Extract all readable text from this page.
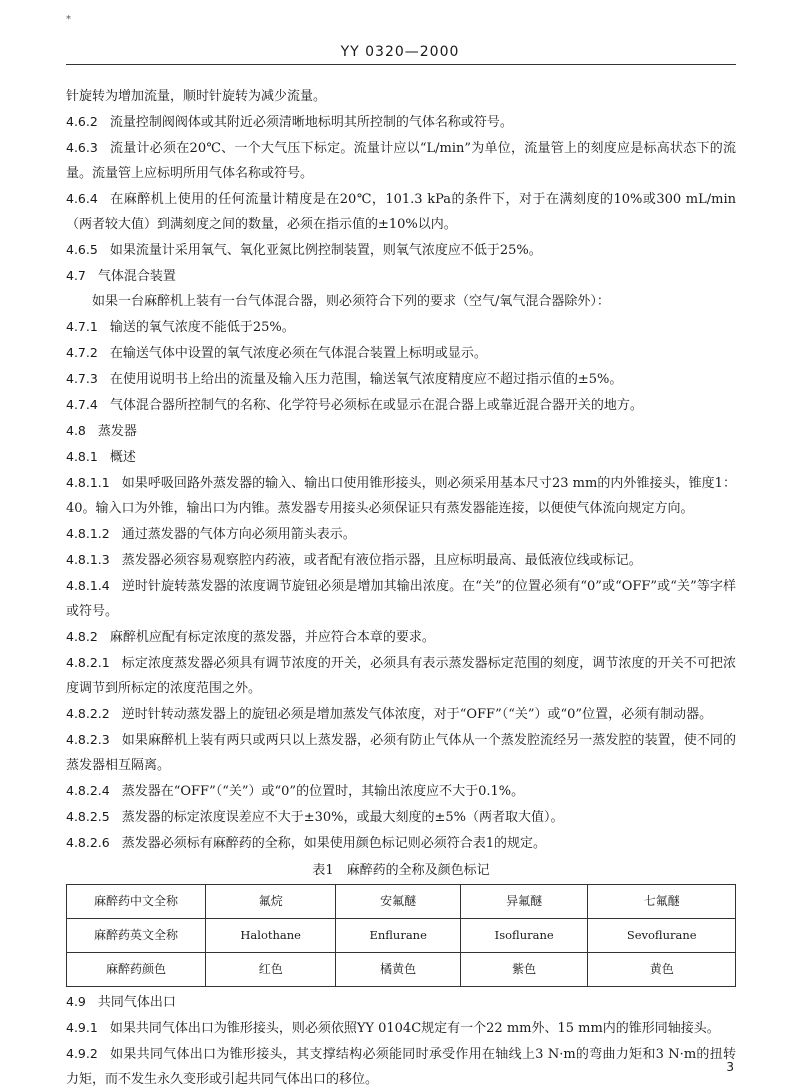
*
YY 0320—2000

针旋转为增加流量，顺时针旋转为减少流量。

4.6.2 流量控制阀阀体或其附近必须清晰地标明其所控制的气体名称或符号。

4.6.3 流量计必须在20℃、一个大气压下标定。流量计应以“L/min”为单位，流量管上的刻度应是标高状态下的流量。流量管上应标明所用气体名称或符号。

4.6.4 在麻醉机上使用的任何流量计精度是在20℃，101.3 kPa的条件下，对于在满刻度的10%或300 mL/min（两者较大值）到满刻度之间的数量，必须在指示值的±10%以内。

4.6.5 如果流量计采用氧气、氧化亚氮比例控制装置，则氧气浓度应不低于25%。

4.7 气体混合装置

如果一台麻醉机上装有一台气体混合器，则必须符合下列的要求（空气/氧气混合器除外）：

4.7.1 输送的氧气浓度不能低于25%。

4.7.2 在输送气体中设置的氧气浓度必须在气体混合装置上标明或显示。

4.7.3 在使用说明书上给出的流量及输入压力范围，输送氧气浓度精度应不超过指示值的±5%。

4.7.4 气体混合器所控制气的名称、化学符号必须标在或显示在混合器上或靠近混合器开关的地方。

4.8 蒸发器

4.8.1 概述

4.8.1.1 如果呼吸回路外蒸发器的输入、输出口使用锥形接头，则必须采用基本尺寸23 mm的内外锥接头，锥度1：40。输入口为外锥，输出口为内锥。蒸发器专用接头必须保证只有蒸发器能连接，以便使气体流向规定方向。

4.8.1.2 通过蒸发器的气体方向必须用箭头表示。

4.8.1.3 蒸发器必须容易观察腔内药液，或者配有液位指示器，且应标明最高、最低液位线或标记。

4.8.1.4 逆时针旋转蒸发器的浓度调节旋钮必须是增加其输出浓度。在“关”的位置必须有“0”或“OFF”或“关”等字样或符号。

4.8.2 麻醉机应配有标定浓度的蒸发器，并应符合本章的要求。

4.8.2.1 标定浓度蒸发器必须具有调节浓度的开关，必须具有表示蒸发器标定范围的刻度，调节浓度的开关不可把浓度调节到所标定的浓度范围之外。

4.8.2.2 逆时针转动蒸发器上的旋钮必须是增加蒸发气体浓度，对于“OFF”（“关”）或“0”位置，必须有制动器。

4.8.2.3 如果麻醉机上装有两只或两只以上蒸发器，必须有防止气体从一个蒸发腔流经另一蒸发腔的装置，使不同的蒸发器相互隔离。

4.8.2.4 蒸发器在“OFF”（“关”）或“0”的位置时，其输出浓度应不大于0.1%。

4.8.2.5 蒸发器的标定浓度误差应不大于±30%，或最大刻度的±5%（两者取大值）。

4.8.2.6 蒸发器必须标有麻醉药的全称，如果使用颜色标记则必须符合表1的规定。

表1　麻醉药的全称及颜色标记
麻醉药中文全称	氟烷	安氟醚	异氟醚	七氟醚
麻醉药英文全称	Halothane	Enflurane	Isoflurane	Sevoflurane
麻醉药颜色	红色	橘黄色	紫色	黄色

4.9 共同气体出口

4.9.1 如果共同气体出口为锥形接头，则必须依照YY 0104C规定有一个22 mm外、15 mm内的锥形同轴接头。

4.9.2 如果共同气体出口为锥形接头，其支撑结构必须能同时承受作用在轴线上3 N·m的弯曲力矩和3 N·m的扭转力矩，而不发生永久变形或引起共同气体出口的移位。

3
